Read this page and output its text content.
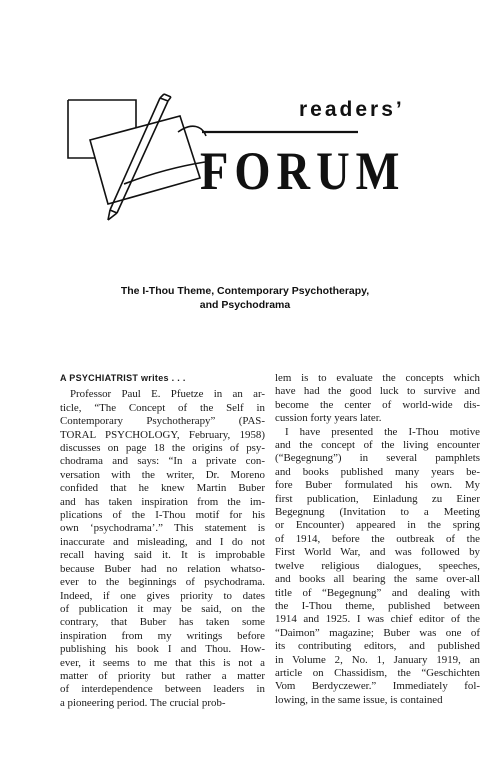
readers’
FORUM
The I-Thou Theme, Contemporary Psychotherapy,
and Psychodrama
A PSYCHIATRIST writes . . .
Professor Paul E. Pfuetze in an ar-
ticle, “The Concept of the Self in
Contemporary Psychotherapy” (PAS-
TORAL PSYCHOLOGY, February, 1958)
discusses on page 18 the origins of psy-
chodrama and says: “In a private con-
versation with the writer, Dr. Moreno
confided that he knew Martin Buber
and has taken inspiration from the im-
plications of the I-Thou motif for his
own ‘psychodrama’.” This statement is
inaccurate and misleading, and I do not
recall having said it. It is improbable
because Buber had no relation whatso-
ever to the beginnings of psychodrama.
Indeed, if one gives priority to dates
of publication it may be said, on the
contrary, that Buber has taken some
inspiration from my writings before
publishing his book I and Thou. How-
ever, it seems to me that this is not a
matter of priority but rather a matter
of interdependence between leaders in
a pioneering period. The crucial prob-
lem is to evaluate the concepts which
have had the good luck to survive and
become the center of world-wide dis-
cussion forty years later.
I have presented the I-Thou motive
and the concept of the living encounter
(“Begegnung”) in several pamphlets
and books published many years be-
fore Buber formulated his own. My
first publication, Einladung zu Einer
Begegnung (Invitation to a Meeting
or Encounter) appeared in the spring
of 1914, before the outbreak of the
First World War, and was followed by
twelve religious dialogues, speeches,
and books all bearing the same over-all
title of “Begegnung” and dealing with
the I-Thou theme, published between
1914 and 1925. I was chief editor of the
“Daimon” magazine; Buber was one of
its contributing editors, and published
in Volume 2, No. 1, January 1919, an
article on Chassidism, the “Geschichten
Vom Berdyczewer.” Immediately fol-
lowing, in the same issue, is contained
